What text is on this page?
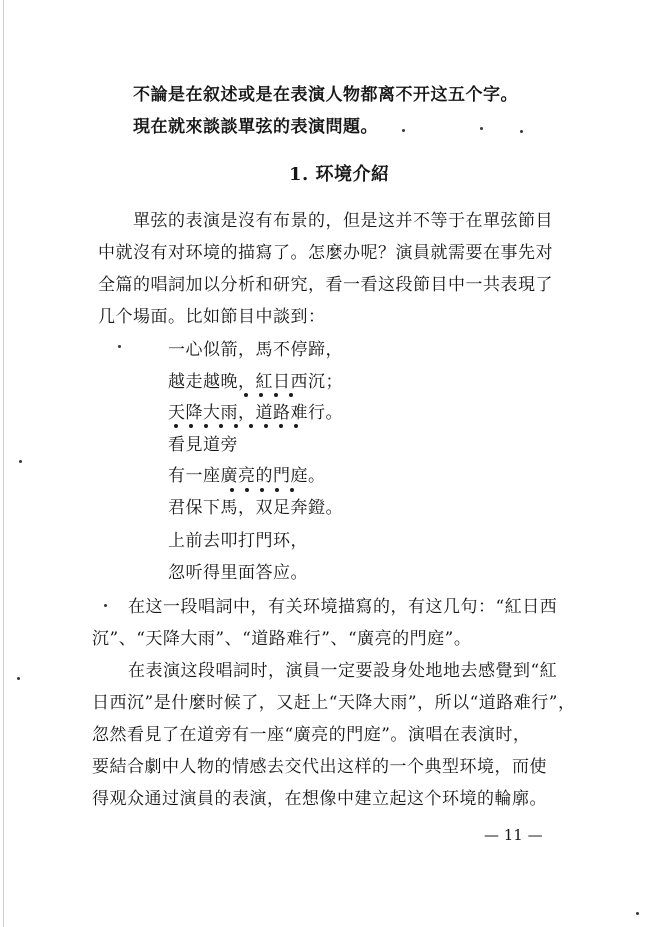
不論是在叙述或是在表演人物都离不开这五个字。
現在就來談談單弦的表演問題。
1. 环境介紹
單弦的表演是沒有布景的，但是这并不等于在單弦節目
中就沒有对环境的描寫了。怎麼办呢？演員就需要在事先对
全篇的唱詞加以分析和研究，看一看这段節目中一共表現了
几个場面。比如節目中談到：
一心似箭，馬不停蹄，
越走越晚，紅日西沉；
天降大雨，道路难行。
看見道旁
有一座廣亮的門庭。
君保下馬，双足奔鐙。
上前去叩打門环，
忽听得里面答应。
在这一段唱詞中，有关环境描寫的，有这几句：“紅日西
沉”、“天降大雨”、“道路难行”、“廣亮的門庭”。
在表演这段唱詞时，演員一定要設身处地地去感覺到“紅
日西沉”是什麼时候了，又赶上“天降大雨”，所以“道路难行”，
忽然看見了在道旁有一座“廣亮的門庭”。演唱在表演时，
要結合劇中人物的情感去交代出这样的一个典型环境，而使
得观众通过演員的表演，在想像中建立起这个环境的輪廓。
— 11 —
